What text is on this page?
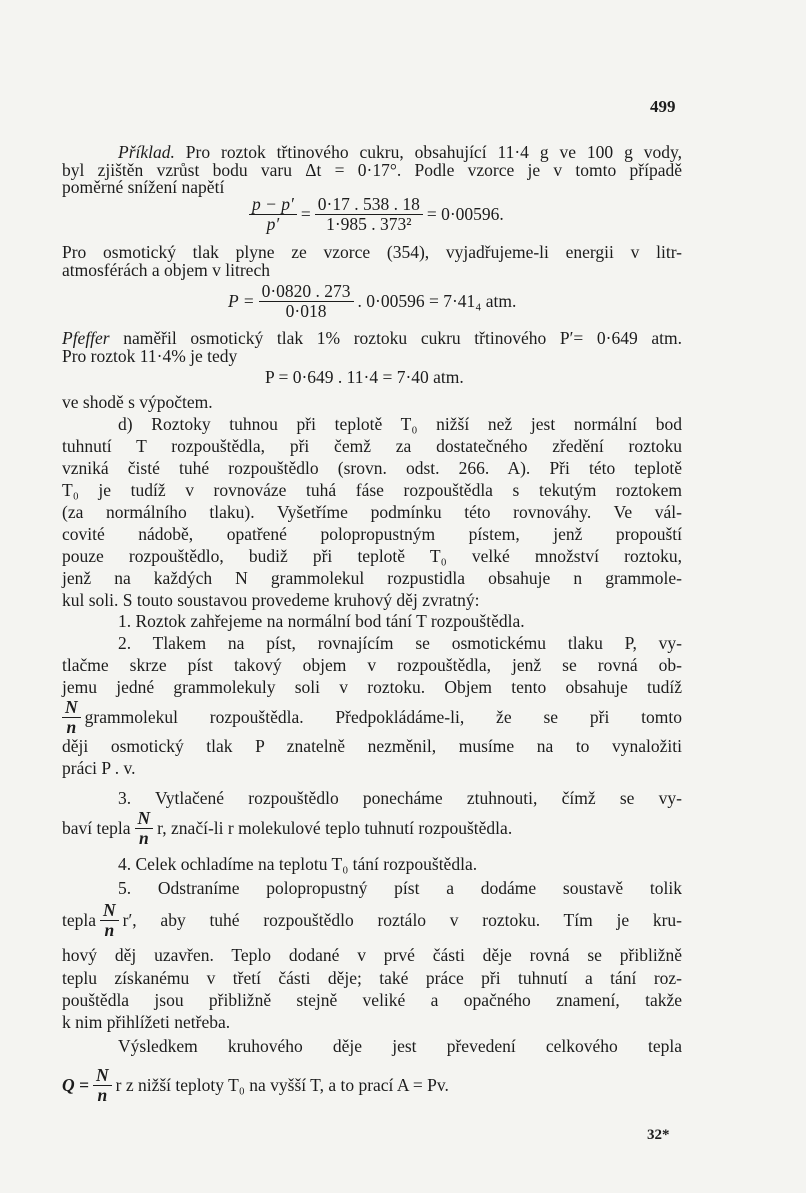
499
Příklad. Pro roztok třtinového cukru, obsahující 11·4 g ve 100 g vody,
byl zjištěn vzrůst bodu varu Δt = 0·17°. Podle vzorce je v tomto případě
poměrné snížení napětí
$\frac{p - p'}{p'} = \frac{0\cdot 17 . 538 . 18}{\text{1·985 . 373²}} = 0\cdot 00596$.
Pro osmotický tlak plyne ze vzorce (354), vyjadřujeme-li energii v litr-
atmosférách a objem v litrech
$P = \frac{0\cdot 0820 . 273}{0\cdot 018}$ . 0·00596 = 7·41₄ atm.
Pfeffer naměřil osmotický tlak 1% roztoku cukru třtinového P′= 0·649 atm.
Pro roztok 11·4% je tedy
P = 0·649 . 11·4 = 7·40 atm.
ve shodě s výpočtem.
d) Roztoky tuhnou při teplotě T₀ nižší než jest normální bod
tuhnutí T rozpouštědla, při čemž za dostatečného zředění roztoku
vzniká čisté tuhé rozpouštědlo (srovn. odst. 266. A). Při této teplotě
T₀ je tudíž v rovnováze tuhá fáse rozpouštědla s tekutým roztokem
(za normálního tlaku). Vyšetříme podmínku této rovnováhy. Ve vál-
covité nádobě, opatřené polopropustným pístem, jenž propouští
pouze rozpouštědlo, budiž při teplotě T₀ velké množství roztoku,
jenž na každých N grammolekul rozpustidla obsahuje n grammole-
kul soli. S touto soustavou provedeme kruhový děj zvratný:
1. Roztok zahřejeme na normální bod tání T rozpouštědla.
2. Tlakem na píst, rovnajícím se osmotickému tlaku P, vy-
tlačme skrze píst takový objem v rozpouštědla, jenž se rovná ob-
jemu jedné grammolekuly soli v roztoku. Objem tento obsahuje tudíž
$\frac{N}{n}$ grammolekul rozpouštědla. Předpokládáme-li, že se při tomto
ději osmotický tlak P znatelně nezměnil, musíme na to vynaložiti
práci P . v.
3. Vytlačené rozpouštědlo ponecháme ztuhnouti, čímž se vy-
baví tepla $\frac{N}{n} r$, značí-li r molekulové teplo tuhnutí rozpouštědla.
4. Celek ochladíme na teplotu T₀ tání rozpouštědla.
5. Odstraníme polopropustný píst a dodáme soustavě tolik
tepla $\frac{N}{n} r'$, aby tuhé rozpouštědlo roztálo v roztoku. Tím je kru-
hový děj uzavřen. Teplo dodané v prvé části děje rovná se přibližně
teplu získanému v třetí části děje; také práce při tuhnutí a tání roz-
pouštědla jsou přibližně stejně veliké a opačného znamení, takže
k nim přihlížeti netřeba.
Výsledkem kruhového děje jest převedení celkového tepla
$Q = \frac{N}{n}$ r z nižší teploty T₀ na vyšší T, a to prací A = Pv.
32*
